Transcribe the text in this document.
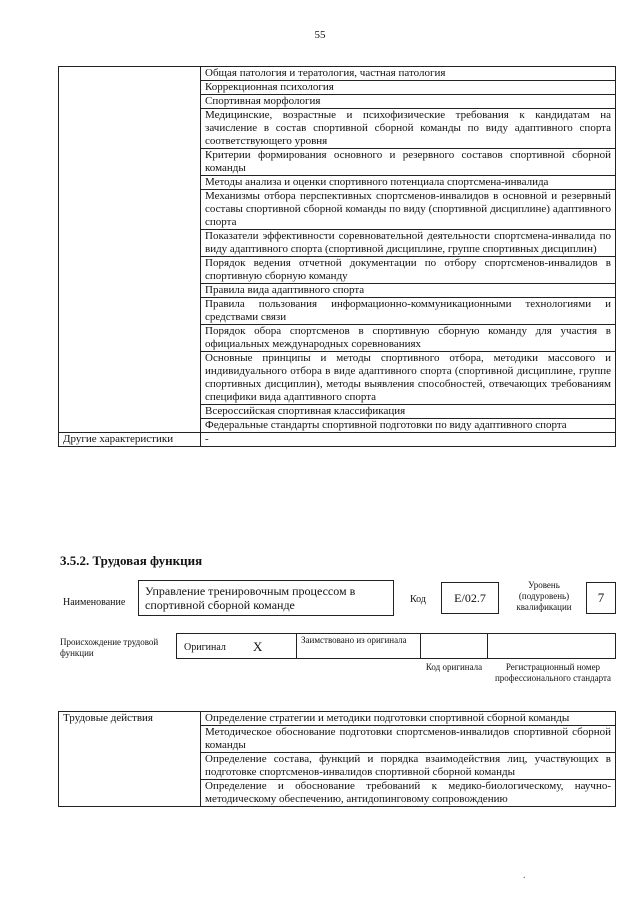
55
	Общая патология и тератология, частная патология
	Коррекционная психология
	Спортивная морфология
	Медицинские, возрастные и психофизические требования к кандидатам на зачисление в состав спортивной сборной команды по виду адаптивного спорта соответствующего уровня
	Критерии формирования основного и резервного составов спортивной сборной команды
	Методы анализа и оценки спортивного потенциала спортсмена-инвалида
	Механизмы отбора перспективных спортсменов-инвалидов в основной и резервный составы спортивной сборной команды по виду (спортивной дисциплине) адаптивного спорта
	Показатели эффективности соревновательной деятельности спортсмена-инвалида по виду адаптивного спорта (спортивной дисциплине, группе спортивных дисциплин)
	Порядок ведения отчетной документации по отбору спортсменов-инвалидов в спортивную сборную команду
	Правила вида адаптивного спорта
	Правила пользования информационно-коммуникационными технологиями и средствами связи
	Порядок обора спортсменов в спортивную сборную команду для участия в официальных международных соревнованиях
	Основные принципы и методы спортивного отбора, методики массового и индивидуального отбора в виде адаптивного спорта (спортивной дисциплине, группе спортивных дисциплин), методы выявления способностей, отвечающих требованиям специфики вида адаптивного спорта
	Всероссийская спортивная классификация
	Федеральные стандарты спортивной подготовки по виду адаптивного спорта
Другие характеристики	-
3.5.2. Трудовая функция
Наименование
Управление тренировочным процессом в спортивной сборной команде	Код	E/02.7
Уровень (подуровень) квалификации
7
Происхождение трудовой функции	Оригинал X	Заимствовано из оригинала
Код оригинала	Регистрационный номер профессионального стандарта
Трудовые действия	Определение стратегии и методики подготовки спортивной сборной команды
Методическое обоснование подготовки спортсменов-инвалидов спортивной сборной команды
Определение состава, функций и порядка взаимодействия лиц, участвующих в подготовке спортсменов-инвалидов спортивной сборной команды
Определение и обоснование требований к медико-биологическому, научно-методическому обеспечению, антидопинговому сопровождению
.
